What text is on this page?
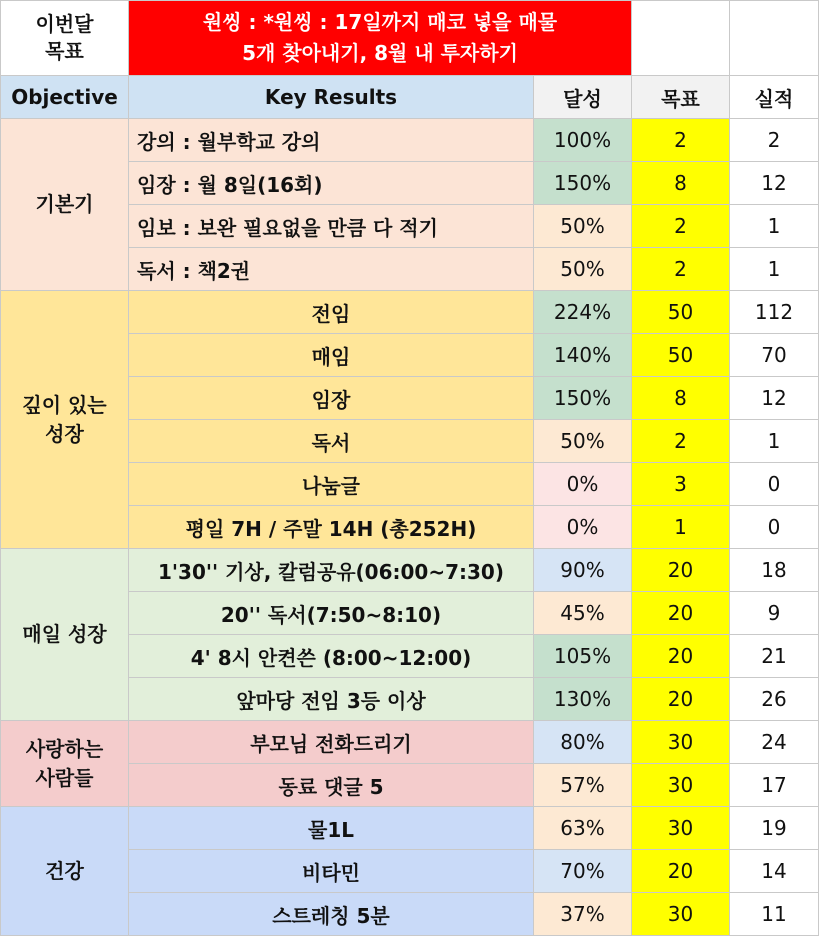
이번달
목표	원씽 : *원씽 : 17일까지 매코 넣을 매물
5개 찾아내기, 8월 내 투자하기			
Objective	Key Results	달성	목표	실적
기본기	강의 : 월부학교 강의	100%	2	2
	임장 : 월 8일(16회)	150%	8	12
	임보 : 보완 필요없을 만큼 다 적기	50%	2	1
	독서 : 책2권	50%	2	1
깊이 있는
성장	전임	224%	50	112
	매임	140%	50	70
	임장	150%	8	12
	독서	50%	2	1
	나눔글	0%	3	0
	평일 7H / 주말 14H (총252H)	0%	1	0
매일 성장	1'30'' 기상, 칼럼공유(06:00~7:30)	90%	20	18
	20'' 독서(7:50~8:10)	45%	20	9
	4' 8시 안켠쓴 (8:00~12:00)	105%	20	21
	앞마당 전임 3등 이상	130%	20	26
사랑하는
사람들	부모님 전화드리기	80%	30	24
	동료 댓글 5	57%	30	17
건강	물1L	63%	30	19
	비타민	70%	20	14
	스트레칭 5분	37%	30	11
